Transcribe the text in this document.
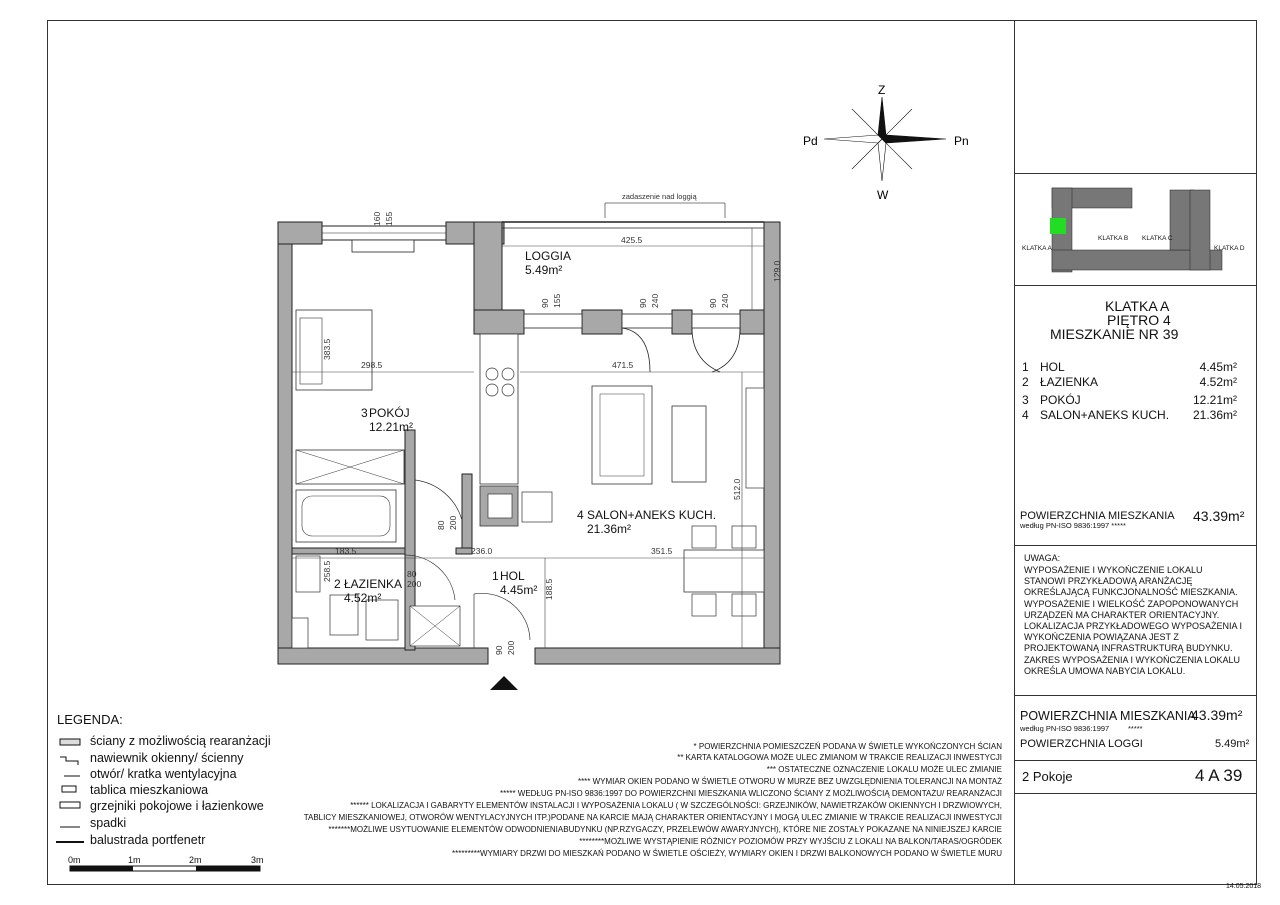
Z
W
Pn
Pd
zadaszenie nad loggią
298.5
425.5
471.5
183.5	236.0	351.5
80
200
160 155
129.0
90 155	90 240	90 240
383.5
512.0
258.5
188.5
80 200
90 200
3 POKÓJ
12.21m²
4 SALON+ANEKS KUCH.
21.36m²
2 ŁAZIENKA
4.52m²
1 HOL
4.45m²
LOGGIA
5.49m²
0m	1m	2m	3m
KLATKA A
KLATKA B KLATKA C
KLATKA D
KLATKA A
PIĘTRO 4
MIESZKANIE NR 39
1 HOL	4.45m²
2 ŁAZIENKA	4.52m²
3 POKÓJ	12.21m²
4 SALON+ANEKS KUCH.	21.36m²
POWIERZCHNIA MIESZKANIA
według PN-ISO 9836:1997 *****
43.39m²
UWAGA:
WYPOSAŻENIE I WYKOŃCZENIE LOKALU STANOWI PRZYKŁADOWĄ ARANŻACJĘ OKREŚLAJĄCĄ FUNKCJONALNOŚĆ MIESZKANIA. WYPOSAŻENIE I WIELKOŚĆ ZAPOPONOWANYCH URZĄDZEŃ MA CHARAKTER ORIENTACYJNY. LOKALIZACJA PRZYKŁADOWEGO WYPOSAŻENIA I WYKOŃCZENIA POWIĄZANA JEST Z PROJEKTOWANĄ INFRASTRUKTURĄ BUDYNKU. ZAKRES WYPOSAŻENIA I WYKOŃCZENIA LOKALU OKREŚLA UMOWA NABYCIA LOKALU.
POWIERZCHNIA MIESZKANIA
43.39m²
według PN-ISO 9836:1997	*****
POWIERZCHNIA LOGGI	5.49m²
2 Pokoje	4 A 39
14.05.2018
LEGENDA:
ściany z możliwością rearanżacji
nawiewnik okienny/ ścienny
otwór/ kratka wentylacyjna
tablica mieszkaniowa
grzejniki pokojowe i łazienkowe
spadki
balustrada portfenetr
* POWIERZCHNIA POMIESZCZEŃ PODANA W ŚWIETLE WYKOŃCZONYCH ŚCIAN
** KARTA KATALOGOWA MOŻE ULEC ZMIANOM W TRAKCIE REALIZACJI INWESTYCJI
*** OSTATECZNE OZNACZENIE LOKALU MOŻE ULEC ZMIANIE
**** WYMIAR OKIEN PODANO W ŚWIETLE OTWORU W MURZE BEZ UWZGLĘDNIENIA TOLERANCJI NA MONTAŻ
***** WEDŁUG PN-ISO 9836:1997 DO POWIERZCHNI MIESZKANIA WLICZONO ŚCIANY Z MOŻLIWOŚCIĄ DEMONTAŻU/ REARANŻACJI
****** LOKALIZACJA I GABARYTY ELEMENTÓW INSTALACJI I WYPOSAŻENIA LOKALU ( W SZCZEGÓLNOŚCI: GRZEJNIKÓW, NAWIETRZAKÓW OKIENNYCH I DRZWIOWYCH,
TABLICY MIESZKANIOWEJ, OTWORÓW WENTYLACYJNYCH ITP.)PODANE NA KARCIE MAJĄ CHARAKTER ORIENTACYJNY I MOGĄ ULEC ZMIANIE W TRAKCIE REALIZACJI INWESTYCJI
*******MOŻLIWE USYTUOWANIE ELEMENTÓW ODWODNIENIABUDYNKU (NP.RZYGACZY, PRZELEWÓW AWARYJNYCH), KTÓRE NIE ZOSTAŁY POKAZANE NA NINIEJSZEJ KARCIE
********MOŻLIWE WYSTĄPIENIE RÓŻNICY POZIOMÓW PRZY WYJŚCIU Z LOKALI NA BALKON/TARAS/OGRÓDEK
*********WYMIARY DRZWI DO MIESZKAŃ PODANO W ŚWIETLE OŚCIEŻY, WYMIARY OKIEN I DRZWI BALKONOWYCH PODANO W ŚWIETLE MURU
